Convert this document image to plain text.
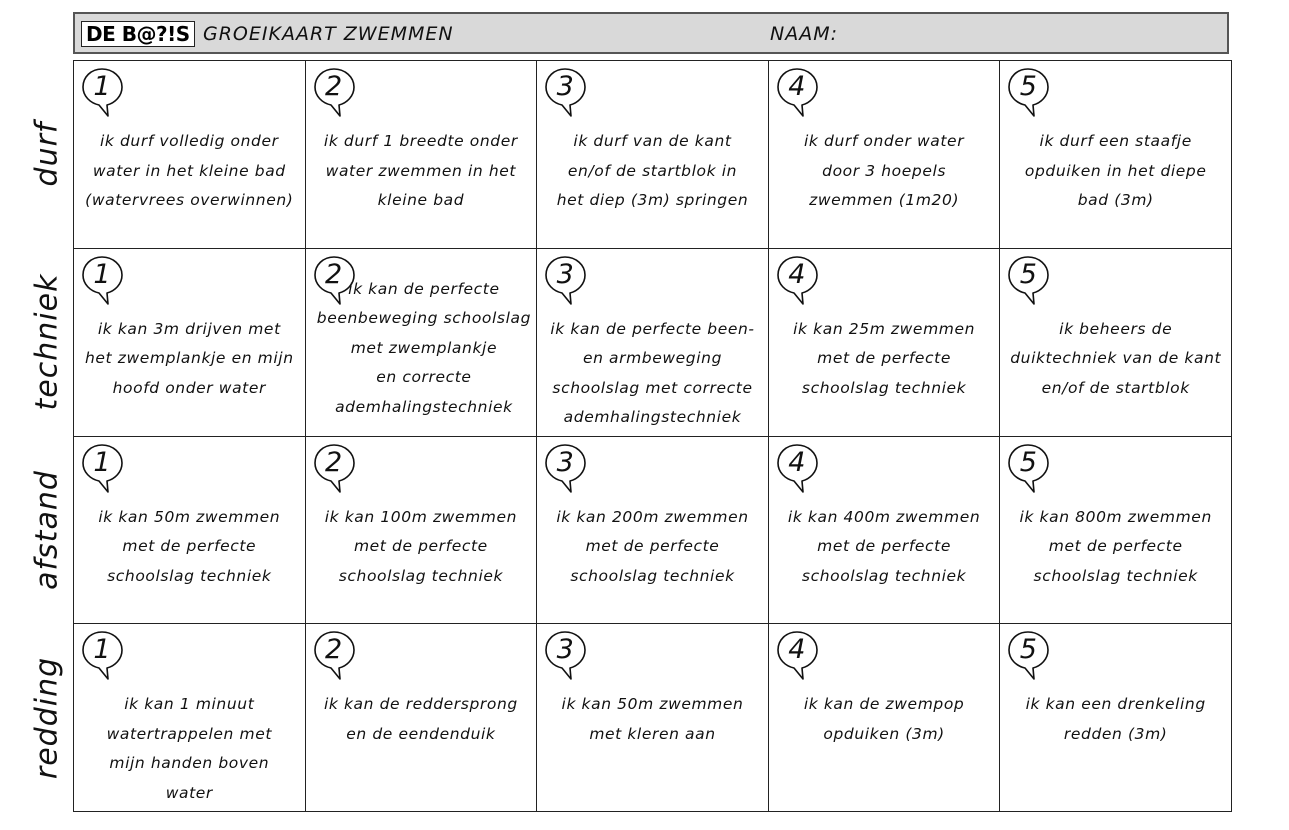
DE B@?!S GROEIKAART ZWEMMEN	NAAM:
durf
techniek
afstand
redding
1
ik durf volledig onder
water in het kleine bad
(watervrees overwinnen)
2
ik durf 1 breedte onder
water zwemmen in het
kleine bad
3
ik durf van de kant
en/of de startblok in
het diep (3m) springen
4
ik durf onder water
door 3 hoepels
zwemmen (1m20)
5
ik durf een staafje
opduiken in het diepe
bad (3m)
1
ik kan 3m drijven met
het zwemplankje en mijn
hoofd onder water
2 ik kan de perfecte
beenbeweging schoolslag
met zwemplankje
en correcte
ademhalingstechniek
3
ik kan de perfecte been-
en armbeweging
schoolslag met correcte
ademhalingstechniek
4
ik kan 25m zwemmen
met de perfecte
schoolslag techniek
5
ik beheers de
duiktechniek van de kant
en/of de startblok
1
ik kan 50m zwemmen
met de perfecte
schoolslag techniek
2
ik kan 100m zwemmen
met de perfecte
schoolslag techniek
3
ik kan 200m zwemmen
met de perfecte
schoolslag techniek
4
ik kan 400m zwemmen
met de perfecte
schoolslag techniek
5
ik kan 800m zwemmen
met de perfecte
schoolslag techniek
1
ik kan 1 minuut
watertrappelen met
mijn handen boven
water
2
ik kan de reddersprong
en de eendenduik
3
ik kan 50m zwemmen
met kleren aan
4
ik kan de zwempop
opduiken (3m)
5
ik kan een drenkeling
redden (3m)
